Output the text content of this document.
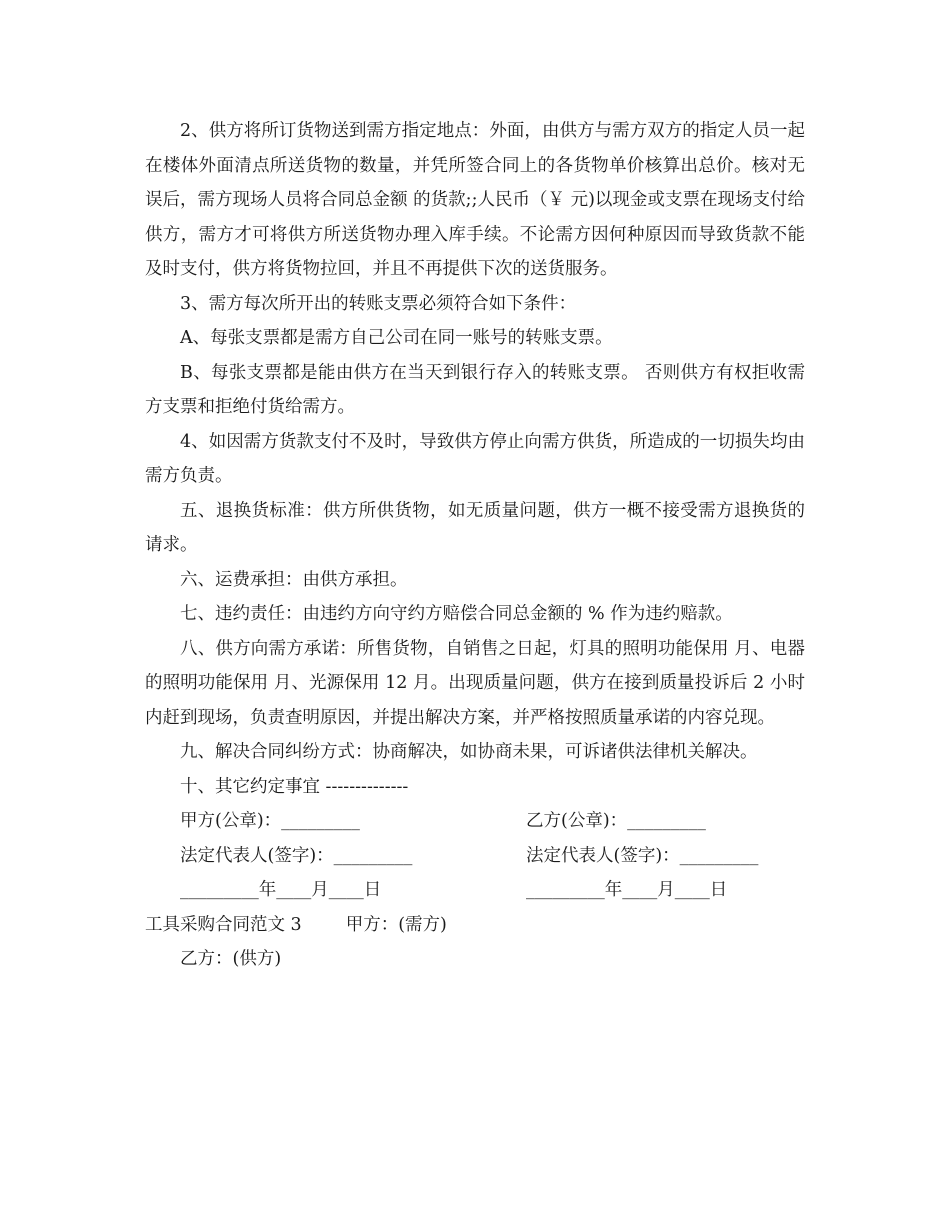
2、供方将所订货物送到需方指定地点：外面，由供方与需方双方的指定人员一起在楼体外面清点所送货物的数量，并凭所签合同上的各货物单价核算出总价。核对无误后，需方现场人员将合同总金额 的货款;;人民币（￥ 元)以现金或支票在现场支付给供方，需方才可将供方所送货物办理入库手续。不论需方因何种原因而导致货款不能及时支付，供方将货物拉回，并且不再提供下次的送货服务。

3、需方每次所开出的转账支票必须符合如下条件：

A、每张支票都是需方自己公司在同一账号的转账支票。

B、每张支票都是能由供方在当天到银行存入的转账支票。 否则供方有权拒收需方支票和拒绝付货给需方。

4、如因需方货款支付不及时，导致供方停止向需方供货，所造成的一切损失均由需方负责。

五、退换货标准：供方所供货物，如无质量问题，供方一概不接受需方退换货的请求。

六、运费承担：由供方承担。

七、违约责任：由违约方向守约方赔偿合同总金额的 % 作为违约赔款。

八、供方向需方承诺：所售货物，自销售之日起，灯具的照明功能保用 月、电器的照明功能保用 月、光源保用 12 月。出现质量问题，供方在接到质量投诉后 2 小时内赶到现场，负责查明原因，并提出解决方案，并严格按照质量承诺的内容兑现。

九、解决合同纠纷方式：协商解决，如协商未果，可诉诸供法律机关解决。

十、其它约定事宜 --------------

甲方(公章)：_________	乙方(公章)：_________
法定代表人(签字)：_________	法定代表人(签字)：_________
_________年____月____日	_________年____月____日

工具采购合同范文 3	甲方：(需方)

乙方：(供方)
